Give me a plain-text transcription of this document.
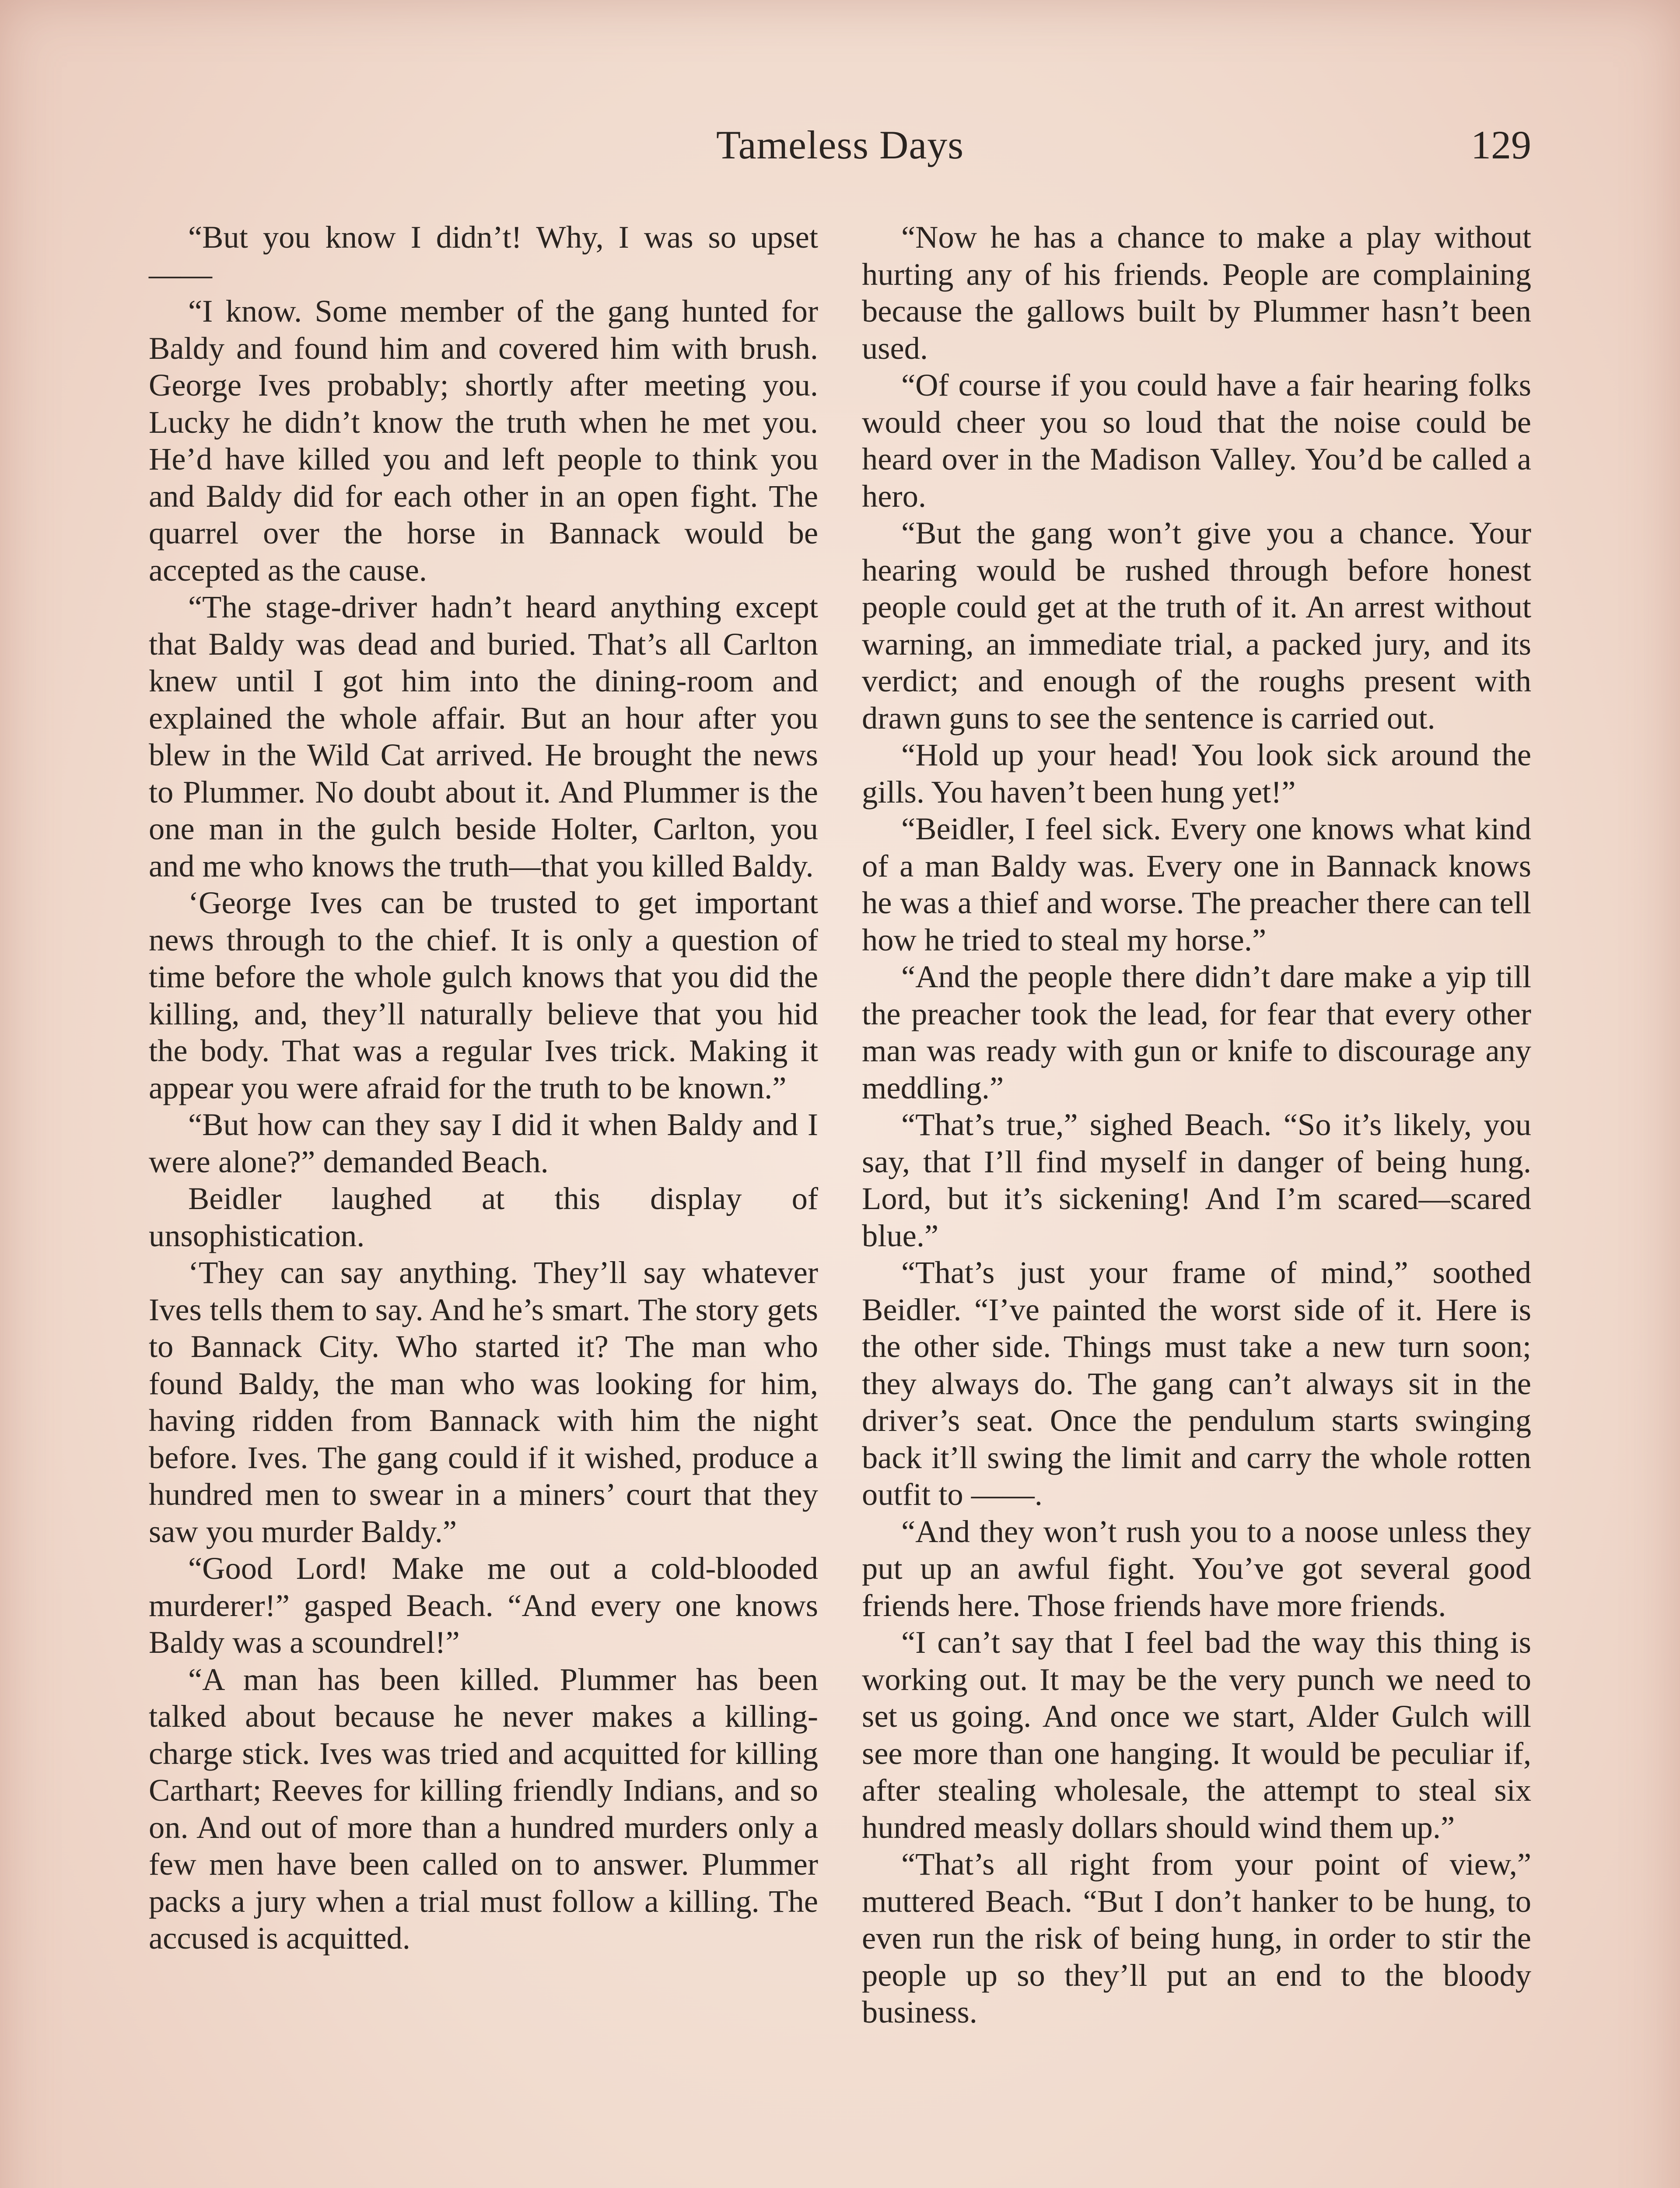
Tameless Days	129

“But you know I didn’t! Why, I was so upset——

“I know. Some member of the gang hunted for Baldy and found him and covered him with brush. George Ives probably; shortly after meeting you. Lucky he didn’t know the truth when he met you. He’d have killed you and left people to think you and Baldy did for each other in an open fight. The quarrel over the horse in Bannack would be accepted as the cause.

“The stage-driver hadn’t heard anything except that Baldy was dead and buried. That’s all Carlton knew until I got him into the dining-room and explained the whole affair. But an hour after you blew in the Wild Cat arrived. He brought the news to Plummer. No doubt about it. And Plummer is the one man in the gulch beside Holter, Carlton, you and me who knows the truth—that you killed Baldy.

‘George Ives can be trusted to get important news through to the chief. It is only a question of time before the whole gulch knows that you did the killing, and, they’ll naturally believe that you hid the body. That was a regular Ives trick. Making it appear you were afraid for the truth to be known.”

“But how can they say I did it when Baldy and I were alone?” demanded Beach.

Beidler laughed at this display of unsophistication.

‘They can say anything. They’ll say whatever Ives tells them to say. And he’s smart. The story gets to Bannack City. Who started it? The man who found Baldy, the man who was looking for him, having ridden from Bannack with him the night before. Ives. The gang could if it wished, produce a hundred men to swear in a miners’ court that they saw you murder Baldy.”

“Good Lord! Make me out a cold-blooded murderer!” gasped Beach. “And every one knows Baldy was a scoundrel!”

“A man has been killed. Plummer has been talked about because he never makes a killing-charge stick. Ives was tried and acquitted for killing Carthart; Reeves for killing friendly Indians, and so on. And out of more than a hundred murders only a few men have been called on to answer. Plummer packs a jury when a trial must follow a killing. The accused is acquitted.

“Now he has a chance to make a play without hurting any of his friends. People are complaining because the gallows built by Plummer hasn’t been used.

“Of course if you could have a fair hearing folks would cheer you so loud that the noise could be heard over in the Madison Valley. You’d be called a hero.

“But the gang won’t give you a chance. Your hearing would be rushed through before honest people could get at the truth of it. An arrest without warning, an immediate trial, a packed jury, and its verdict; and enough of the roughs present with drawn guns to see the sentence is carried out.

“Hold up your head! You look sick around the gills. You haven’t been hung yet!”

“Beidler, I feel sick. Every one knows what kind of a man Baldy was. Every one in Bannack knows he was a thief and worse. The preacher there can tell how he tried to steal my horse.”

“And the people there didn’t dare make a yip till the preacher took the lead, for fear that every other man was ready with gun or knife to discourage any meddling.”

“That’s true,” sighed Beach. “So it’s likely, you say, that I’ll find myself in danger of being hung. Lord, but it’s sickening! And I’m scared—scared blue.”

“That’s just your frame of mind,” soothed Beidler. “I’ve painted the worst side of it. Here is the other side. Things must take a new turn soon; they always do. The gang can’t always sit in the driver’s seat. Once the pendulum starts swinging back it’ll swing the limit and carry the whole rotten outfit to ——.

“And they won’t rush you to a noose unless they put up an awful fight. You’ve got several good friends here. Those friends have more friends.

“I can’t say that I feel bad the way this thing is working out. It may be the very punch we need to set us going. And once we start, Alder Gulch will see more than one hanging. It would be peculiar if, after stealing wholesale, the attempt to steal six hundred measly dollars should wind them up.”

“That’s all right from your point of view,” muttered Beach. “But I don’t hanker to be hung, to even run the risk of being hung, in order to stir the people up so they’ll put an end to the bloody business.
